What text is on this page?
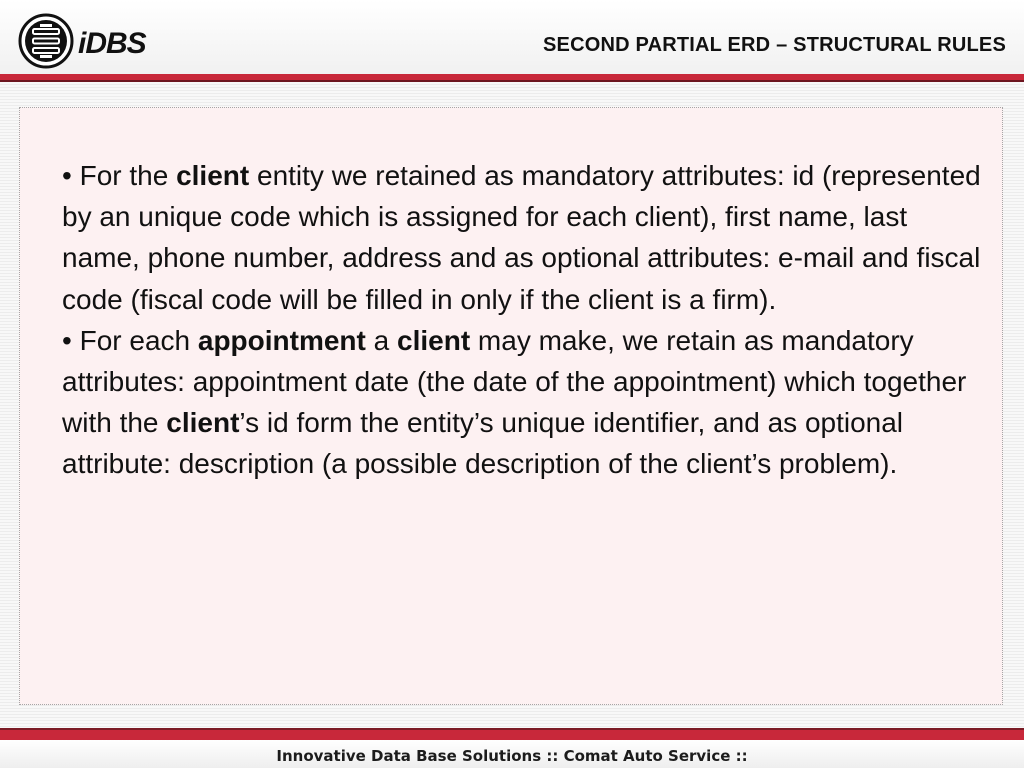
iDBS	SECOND PARTIAL ERD – STRUCTURAL RULES

• For the client entity we retained as mandatory attributes: id (represented by an unique code which is assigned for each client), first name, last name, phone number, address and as optional attributes: e-mail and fiscal code (fiscal code will be filled in only if the client is a firm).

• For each appointment a client may make, we retain as mandatory attributes: appointment date (the date of the appointment) which together with the client’s id form the entity’s unique identifier, and as optional attribute: description (a possible description of the client’s problem).

Innovative Data Base Solutions :: Comat Auto Service ::
